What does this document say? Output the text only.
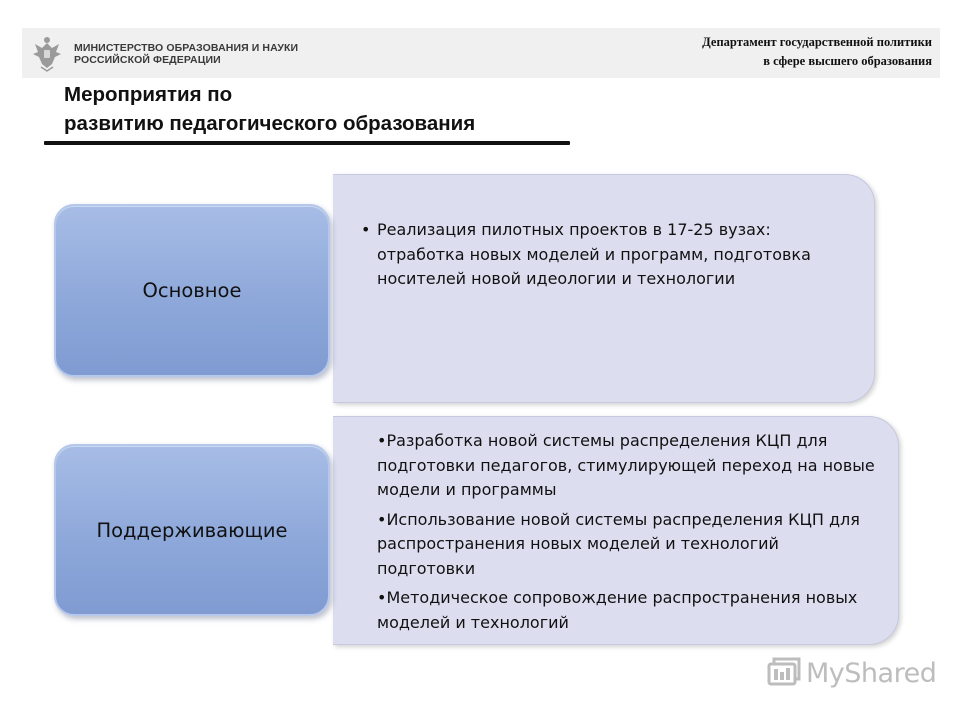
МИНИСТЕРСТВО ОБРАЗОВАНИЯ И НАУКИ
РОССИЙСКОЙ ФЕДЕРАЦИИ
Департамент государственной политики
в сфере высшего образования
Мероприятия по
развитию педагогического образования
• Реализация пилотных проектов в 17-25 вузах: отработка новых моделей и программ, подготовка носителей новой идеологии и технологии
Основное
• Разработка новой системы распределения КЦП для подготовки педагогов, стимулирующей переход на новые модели и программы
• Использование новой системы распределения КЦП для распространения новых моделей и технологий подготовки
• Методическое сопровождение распространения новых моделей и технологий
Поддерживающие
MyShared
